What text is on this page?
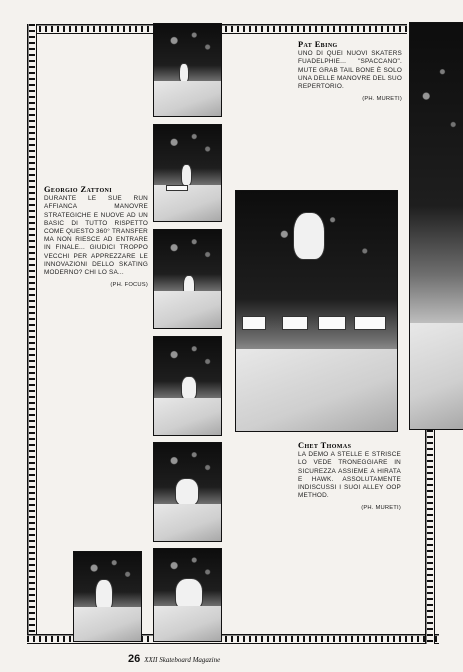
Pat Ebing
UNO DI QUEI NUOVI SKATERS FUADELPHIE... "SPACCANO". MUTE GRAB TAIL BONE È SOLO UNA DELLE MANOVRE DEL SUO REPERTORIO.
(PH. MURETI)
Georgio Zattoni
DURANTE LE SUE RUN AFFIANCA MANOVRE STRATEGICHE E NUOVE AD UN BASIC DI TUTTO RISPETTO COME QUESTO 360° TRANSFER MA NON RIESCE AD ENTRARE IN FINALE... GIUDICI TROPPO VECCHI PER APPREZZARE LE INNOVAZIONI DELLO SKATING MODERNO? CHI LO SA...
(PH. FOCUS)
Chet Thomas
LA DEMO A STELLE E STRISCE LO VEDE TRONEGGIARE IN SICUREZZA ASSIEME A HIRATA E HAWK. ASSOLUTAMENTE INDISCUSSI I SUOI ALLEY OOP METHOD.
(PH. MURETI)
26 XXII Skateboard Magazine
